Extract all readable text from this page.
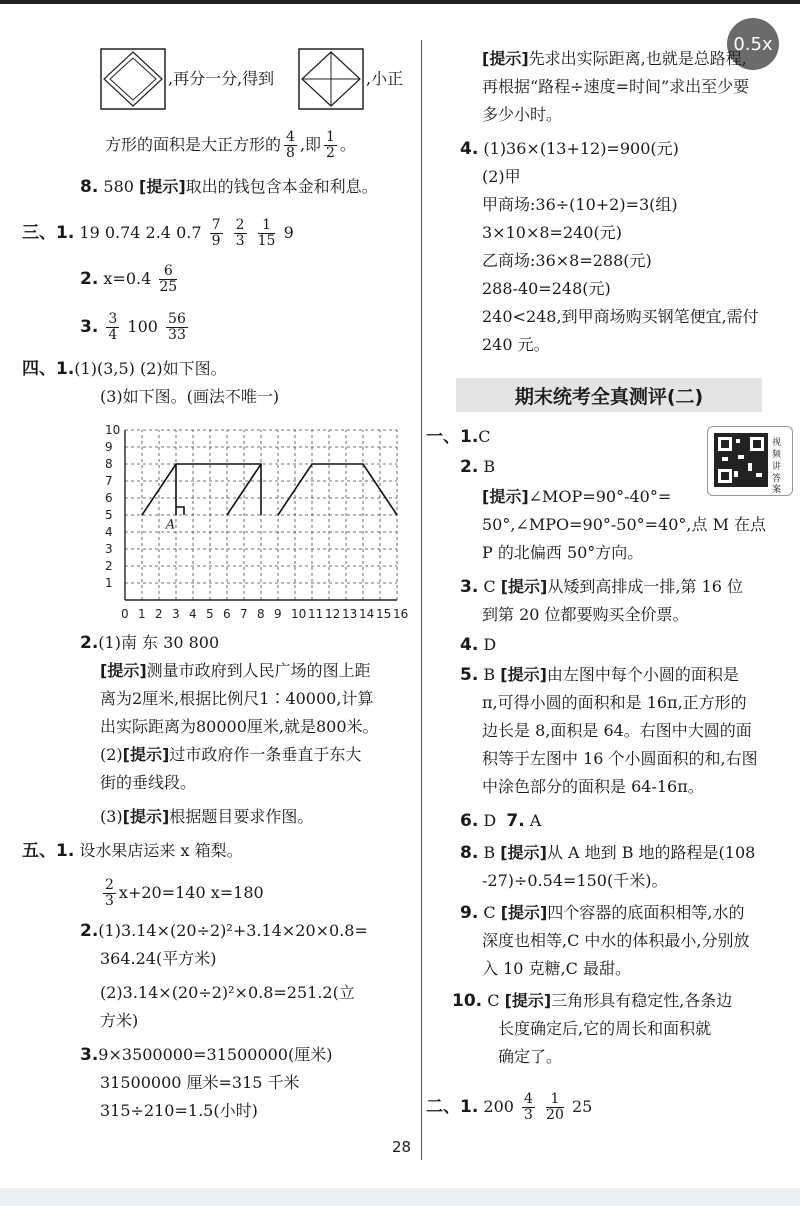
0.5x
,再分一分,得到	,小正
方形的面积是大正方形的 $\frac{4}{8}$ ,即 $\frac{1}{2}$ 。
8. 580 [提示]取出的钱包含本金和利息。
三、1. 19 0.74 2.4 $0.7 \frac{7}{9}$
$\frac{2}{3}$
$\frac{1}{15} 9$
2. $x=0.4 \frac{6}{25}$
3. $\frac{3}{4} 100 \frac{56}{33}$
四、1.(1)(3,5) (2)如下图。
(3)如下图。(画法不唯一)
1
2
3
4
5
6
7
8
9
10
0 1 2 3 4 5 6 7 8 9 10 11 12 13 14 15 16
A
2.(1)南 东 30 800
[提示]测量市政府到人民广场的图上距
离为2厘米,根据比例尺1∶40000,计算
出实际距离为80000厘米,就是800米。
(2)[提示]过市政府作一条垂直于东大
街的垂线段。
(3)[提示]根据题目要求作图。
五、1. 设水果店运来 x 箱梨。
$\frac{2}{3} x+20=140$ x=180
2.(1)3.14×(20÷2)²+3.14×20×0.8=
364.24(平方米)
(2)3.14×(20÷2)²×0.8=251.2(立
方米)
3.9×3500000=31500000(厘米)
31500000 厘米=315 千米
315÷210=1.5(小时)
[提示]先求出实际距离,也就是总路程,
再根据“路程÷速度=时间”求出至少要
多少小时。
4. (1)36×(13+12)=900(元)
(2)甲
甲商场:36÷(10+2)=3(组)
3×10×8=240(元)
乙商场:36×8=288(元)
288-40=248(元)
240<248,到甲商场购买钢笔便宜,需付
240 元。
期末统考全真测评(二)
视
频
讲
答
案
一、1.C
2. B
[提示]∠MOP=90°-40°=
50°,∠MPO=90°-50°=40°,点 M 在点
P 的北偏西 50°方向。
3. C [提示]从矮到高排成一排,第 16 位
到第 20 位都要购买全价票。
4. D
5. B [提示]由左图中每个小圆的面积是
π,可得小圆的面积和是 16π,正方形的
边长是 8,面积是 64。右图中大圆的面
积等于左图中 16 个小圆面积的和,右图
中涂色部分的面积是 64-16π。
6. D 7. A
8. B [提示]从 A 地到 B 地的路程是(108
-27)÷0.54=150(千米)。
9. C [提示]四个容器的底面积相等,水的
深度也相等,C 中水的体积最小,分别放
入 10 克糖,C 最甜。
10. C [提示]三角形具有稳定性,各条边
长度确定后,它的周长和面积就
确定了。
二、1. $200 \frac{4}{3}$
$\frac{1}{20} 25$
28
